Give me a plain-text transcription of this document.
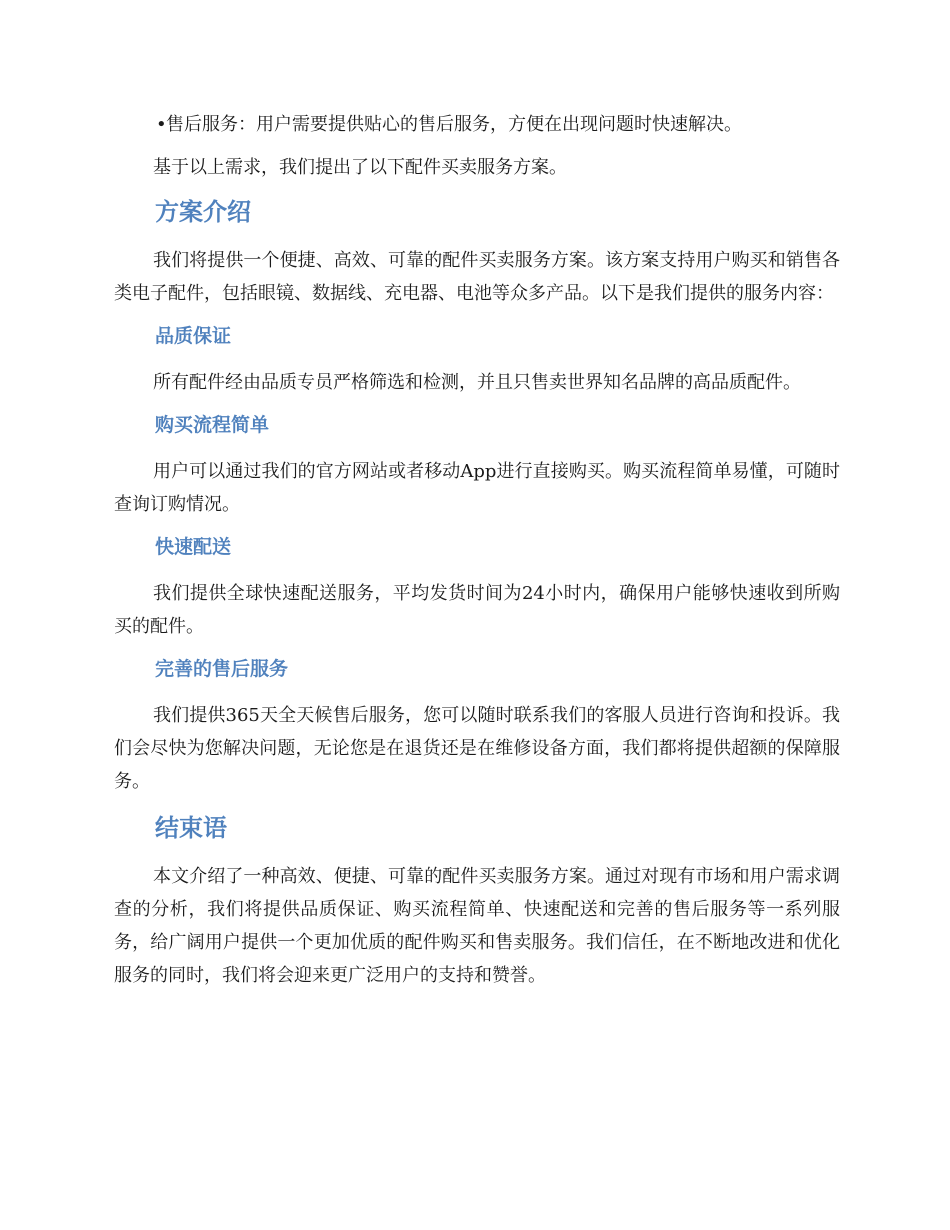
•售后服务：用户需要提供贴心的售后服务，方便在出现问题时快速解决。

基于以上需求，我们提出了以下配件买卖服务方案。

方案介绍

我们将提供一个便捷、高效、可靠的配件买卖服务方案。该方案支持用户购买和销售各类电子配件，包括眼镜、数据线、充电器、电池等众多产品。以下是我们提供的服务内容：

品质保证

所有配件经由品质专员严格筛选和检测，并且只售卖世界知名品牌的高品质配件。

购买流程简单

用户可以通过我们的官方网站或者移动App进行直接购买。购买流程简单易懂，可随时查询订购情况。

快速配送

我们提供全球快速配送服务，平均发货时间为24小时内，确保用户能够快速收到所购买的配件。

完善的售后服务

我们提供365天全天候售后服务，您可以随时联系我们的客服人员进行咨询和投诉。我们会尽快为您解决问题，无论您是在退货还是在维修设备方面，我们都将提供超额的保障服务。

结束语

本文介绍了一种高效、便捷、可靠的配件买卖服务方案。通过对现有市场和用户需求调查的分析，我们将提供品质保证、购买流程简单、快速配送和完善的售后服务等一系列服务，给广阔用户提供一个更加优质的配件购买和售卖服务。我们信任，在不断地改进和优化服务的同时，我们将会迎来更广泛用户的支持和赞誉。
